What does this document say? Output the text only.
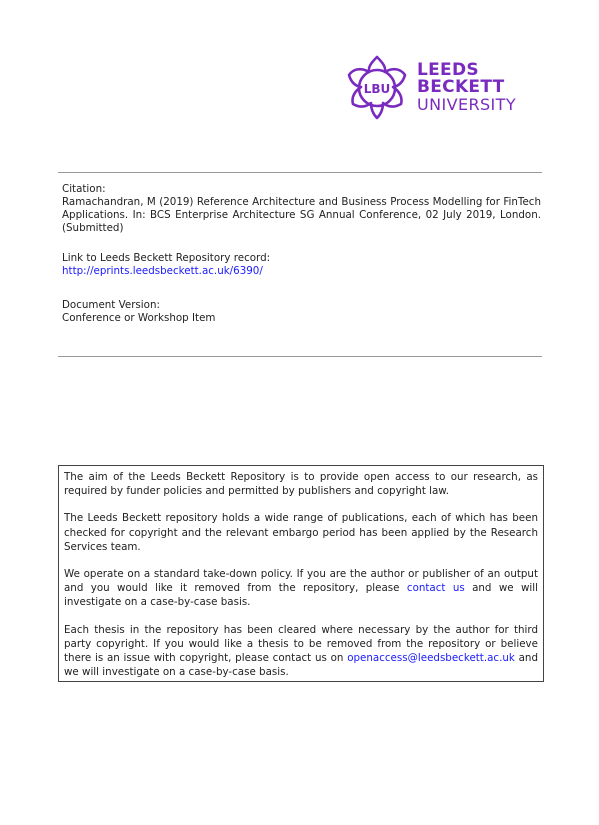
LBU
LEEDS
BECKETT
UNIVERSITY
Citation:
Ramachandran, M (2019) Reference Architecture and Business Process Modelling for FinTech Applications. In: BCS Enterprise Architecture SG Annual Conference, 02 July 2019, London. (Submitted)
Link to Leeds Beckett Repository record:
http://eprints.leedsbeckett.ac.uk/6390/
Document Version:
Conference or Workshop Item

The aim of the Leeds Beckett Repository is to provide open access to our research, as required by funder policies and permitted by publishers and copyright law.

The Leeds Beckett repository holds a wide range of publications, each of which has been checked for copyright and the relevant embargo period has been applied by the Research Services team.

We operate on a standard take-down policy. If you are the author or publisher of an output and you would like it removed from the repository, please contact us and we will investigate on a case-by-case basis.

Each thesis in the repository has been cleared where necessary by the author for third party copyright. If you would like a thesis to be removed from the repository or believe there is an issue with copyright, please contact us on openaccess@leedsbeckett.ac.uk and we will investigate on a case-by-case basis.
